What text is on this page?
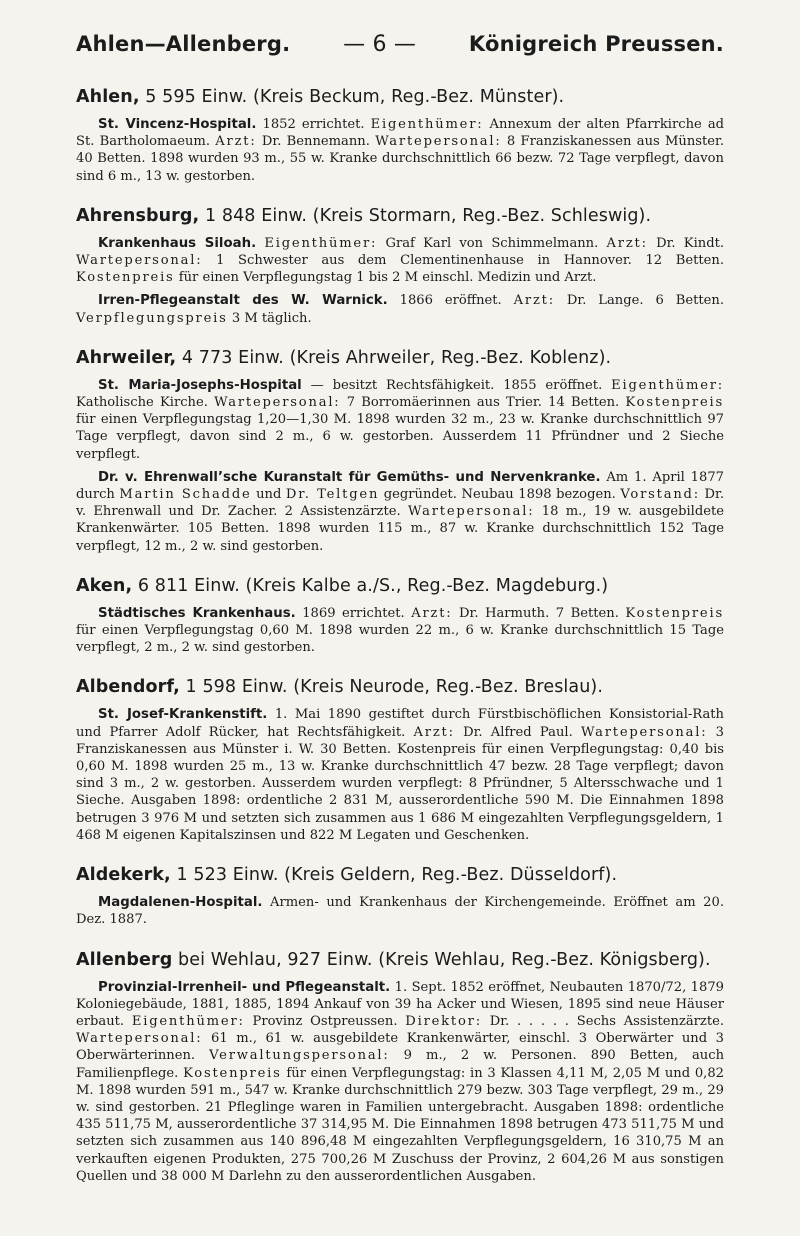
Ahlen—Allenberg. — 6 —	Königreich Preussen.
Ahlen, 5 595 Einw. (Kreis Beckum, Reg.-Bez. Münster).

St. Vincenz-Hospital. 1852 errichtet. Eigenthümer: Annexum der alten Pfarrkirche ad St. Bartholomaeum. Arzt: Dr. Bennemann. Wartepersonal: 8 Franziskanessen aus Münster. 40 Betten. 1898 wurden 93 m., 55 w. Kranke durchschnittlich 66 bezw. 72 Tage verpflegt, davon sind 6 m., 13 w. gestorben.

Ahrensburg, 1 848 Einw. (Kreis Stormarn, Reg.-Bez. Schleswig).

Krankenhaus Siloah. Eigenthümer: Graf Karl von Schimmelmann. Arzt: Dr. Kindt. Wartepersonal: 1 Schwester aus dem Clementinenhause in Hannover. 12 Betten. Kostenpreis für einen Verpflegungstag 1 bis 2 M einschl. Medizin und Arzt.

Irren-Pflegeanstalt des W. Warnick. 1866 eröffnet. Arzt: Dr. Lange. 6 Betten. Verpflegungspreis 3 M täglich.

Ahrweiler, 4 773 Einw. (Kreis Ahrweiler, Reg.-Bez. Koblenz).

St. Maria-Josephs-Hospital — besitzt Rechtsfähigkeit. 1855 eröffnet. Eigenthümer: Katholische Kirche. Wartepersonal: 7 Borromäerinnen aus Trier. 14 Betten. Kostenpreis für einen Verpflegungstag 1,20—1,30 M. 1898 wurden 32 m., 23 w. Kranke durchschnittlich 97 Tage verpflegt, davon sind 2 m., 6 w. gestorben. Ausserdem 11 Pfründner und 2 Sieche verpflegt.

Dr. v. Ehrenwall’sche Kuranstalt für Gemüths- und Nervenkranke. Am 1. April 1877 durch Martin Schadde und Dr. Teltgen gegründet. Neubau 1898 bezogen. Vorstand: Dr. v. Ehrenwall und Dr. Zacher. 2 Assistenzärzte. Wartepersonal: 18 m., 19 w. ausgebildete Krankenwärter. 105 Betten. 1898 wurden 115 m., 87 w. Kranke durchschnittlich 152 Tage verpflegt, 12 m., 2 w. sind gestorben.

Aken, 6 811 Einw. (Kreis Kalbe a./S., Reg.-Bez. Magdeburg.)

Städtisches Krankenhaus. 1869 errichtet. Arzt: Dr. Harmuth. 7 Betten. Kostenpreis für einen Verpflegungstag 0,60 M. 1898 wurden 22 m., 6 w. Kranke durchschnittlich 15 Tage verpflegt, 2 m., 2 w. sind gestorben.

Albendorf, 1 598 Einw. (Kreis Neurode, Reg.-Bez. Breslau).

St. Josef-Krankenstift. 1. Mai 1890 gestiftet durch Fürstbischöflichen Konsistorial-Rath und Pfarrer Adolf Rücker, hat Rechtsfähigkeit. Arzt: Dr. Alfred Paul. Wartepersonal: 3 Franziskanessen aus Münster i. W. 30 Betten. Kostenpreis für einen Verpflegungstag: 0,40 bis 0,60 M. 1898 wurden 25 m., 13 w. Kranke durchschnittlich 47 bezw. 28 Tage verpflegt; davon sind 3 m., 2 w. gestorben. Ausserdem wurden verpflegt: 8 Pfründner, 5 Altersschwache und 1 Sieche. Ausgaben 1898: ordentliche 2 831 M, ausserordentliche 590 M. Die Einnahmen 1898 betrugen 3 976 M und setzten sich zusammen aus 1 686 M eingezahlten Verpflegungsgeldern, 1 468 M eigenen Kapitalszinsen und 822 M Legaten und Geschenken.

Aldekerk, 1 523 Einw. (Kreis Geldern, Reg.-Bez. Düsseldorf).

Magdalenen-Hospital. Armen- und Krankenhaus der Kirchengemeinde. Eröffnet am 20. Dez. 1887.

Allenberg bei Wehlau, 927 Einw. (Kreis Wehlau, Reg.-Bez. Königsberg).

Provinzial-Irrenheil- und Pflegeanstalt. 1. Sept. 1852 eröffnet, Neubauten 1870/72, 1879 Koloniegebäude, 1881, 1885, 1894 Ankauf von 39 ha Acker und Wiesen, 1895 sind neue Häuser erbaut. Eigenthümer: Provinz Ostpreussen. Direktor: Dr. . . . . . Sechs Assistenzärzte. Wartepersonal: 61 m., 61 w. ausgebildete Krankenwärter, einschl. 3 Oberwärter und 3 Oberwärterinnen. Verwaltungspersonal: 9 m., 2 w. Personen. 890 Betten, auch Familienpflege. Kostenpreis für einen Verpflegungstag: in 3 Klassen 4,11 M, 2,05 M und 0,82 M. 1898 wurden 591 m., 547 w. Kranke durchschnittlich 279 bezw. 303 Tage verpflegt, 29 m., 29 w. sind gestorben. 21 Pfleglinge waren in Familien untergebracht. Ausgaben 1898: ordentliche 435 511,75 M, ausserordentliche 37 314,95 M. Die Einnahmen 1898 betrugen 473 511,75 M und setzten sich zusammen aus 140 896,48 M eingezahlten Verpflegungsgeldern, 16 310,75 M an verkauften eigenen Produkten, 275 700,26 M Zuschuss der Provinz, 2 604,26 M aus sonstigen Quellen und 38 000 M Darlehn zu den ausserordentlichen Ausgaben.
